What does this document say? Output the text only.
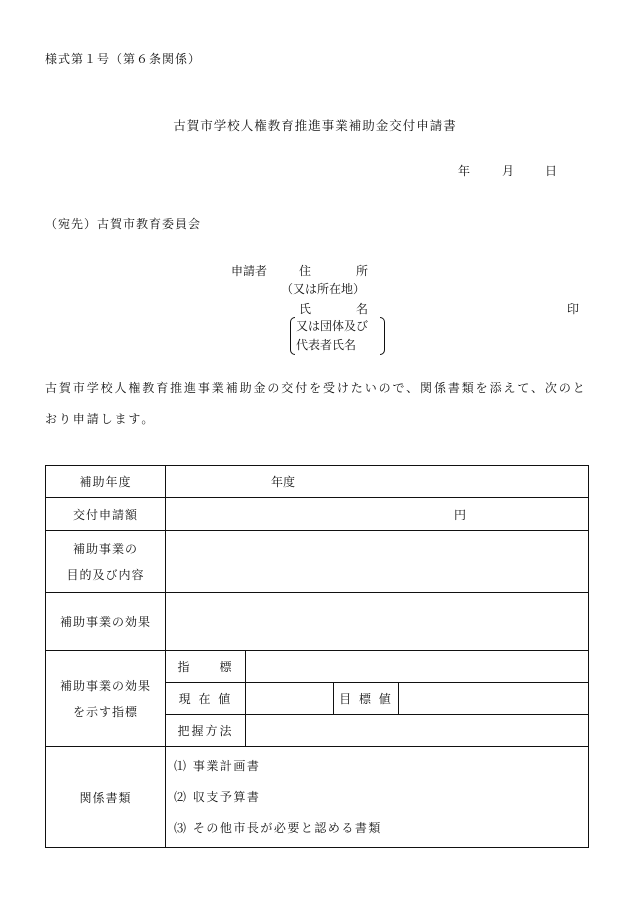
様式第１号（第６条関係）
古賀市学校人権教育推進事業補助金交付申請書
年	月	日
（宛先）古賀市教育委員会
申請者	住	所
（又は所在地）
氏	名	印
又は団体及び
代表者氏名
古賀市学校人権教育推進事業補助金の交付を受けたいので、関係書類を添えて、次のとおり申請します。
補助年度	年度			
交付申請額	円			

補助事業の
目的及び内容				

補助事業の効果				

補助事業の効果
を示す指標	指　　標			
	現 在 値		目 標 値	
	把握方法			
関係書類	⑴ 事業計画書
⑵ 収支予算書
⑶ その他市長が必要と認める書類			
